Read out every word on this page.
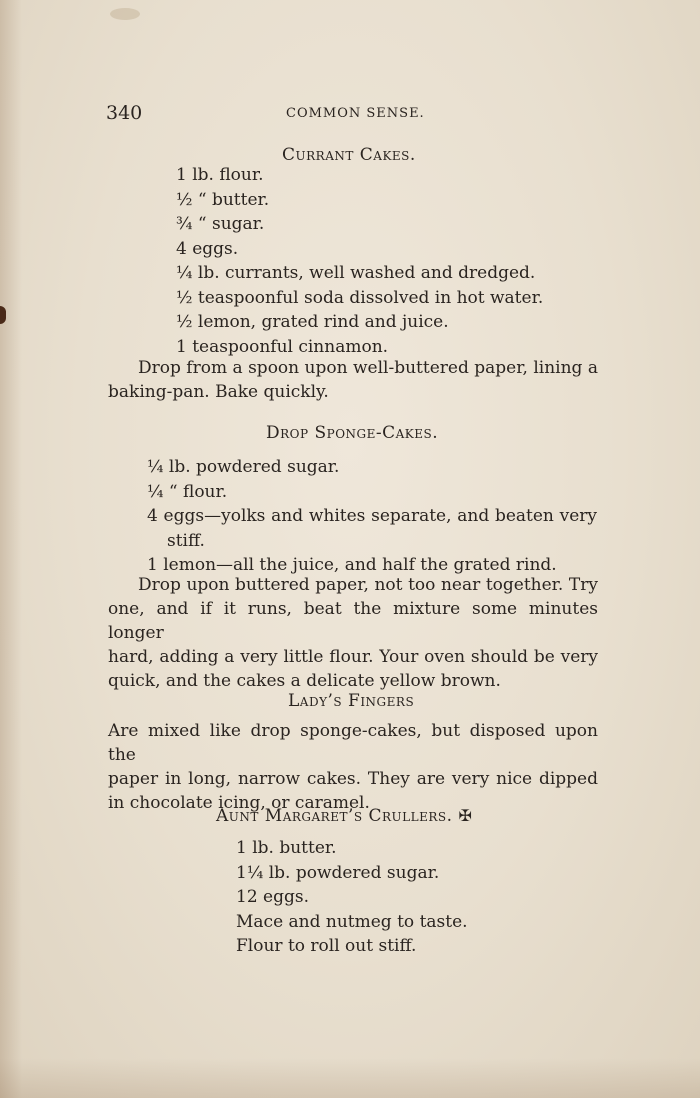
340	COMMON SENSE.
Currant Cakes.
1 lb. flour.
½ “ butter.
¾ “ sugar.
4 eggs.
¼ lb. currants, well washed and dredged.
½ teaspoonful soda dissolved in hot water.
½ lemon, grated rind and juice.
1 teaspoonful cinnamon.
Drop from a spoon upon well-buttered paper, lining a
baking-pan. Bake quickly.
Drop Sponge-Cakes.
¼ lb. powdered sugar.
¼ “ flour.
4 eggs—yolks and whites separate, and beaten very
stiff.
1 lemon—all the juice, and half the grated rind.
Drop upon buttered paper, not too near together. Try
one, and if it runs, beat the mixture some minutes longer
hard, adding a very little flour. Your oven should be very
quick, and the cakes a delicate yellow brown.
Lady’s Fingers
Are mixed like drop sponge-cakes, but disposed upon the
paper in long, narrow cakes. They are very nice dipped
in chocolate icing, or caramel.
Aunt Margaret’s Crullers. ✠
1 lb. butter.
1¼ lb. powdered sugar.
12 eggs.
Mace and nutmeg to taste.
Flour to roll out stiff.
